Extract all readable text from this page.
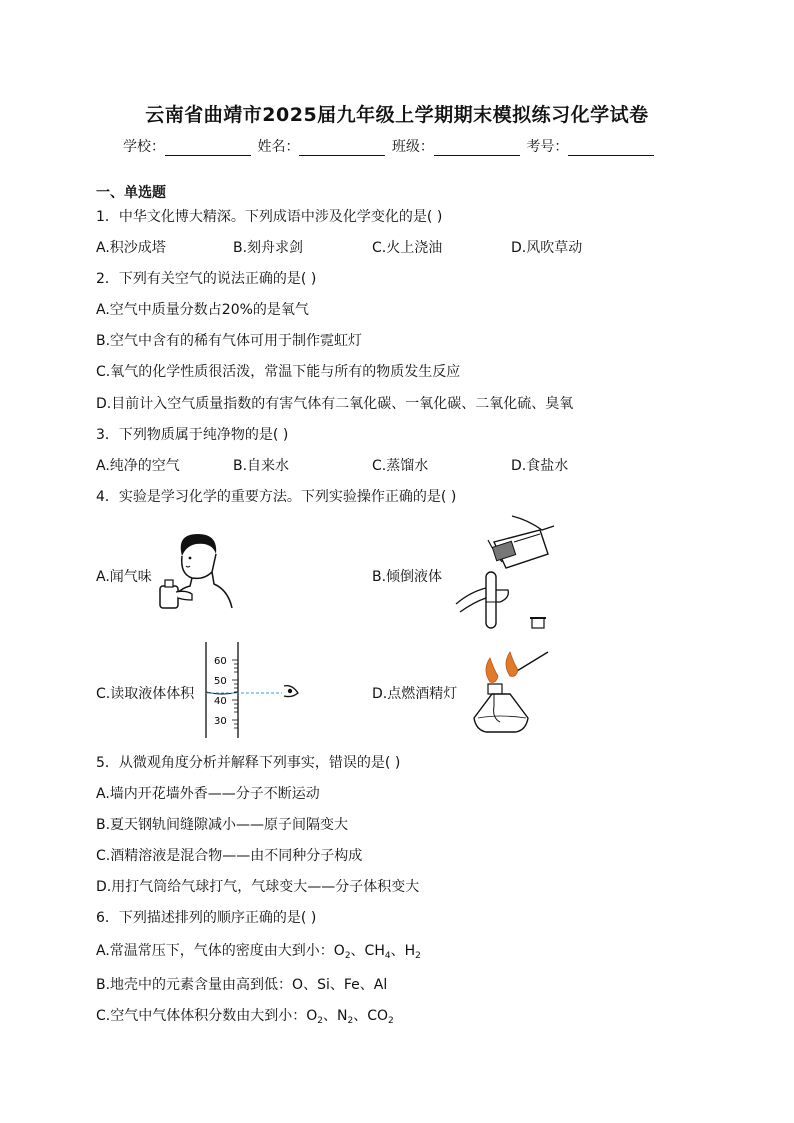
云南省曲靖市2025届九年级上学期期末模拟练习化学试卷
学校：	姓名：	班级：	考号：
一、单选题
1．中华文化博大精深。下列成语中涉及化学变化的是( )
A.积沙成塔	B.刻舟求剑	C.火上浇油	D.风吹草动
2．下列有关空气的说法正确的是( )
A.空气中质量分数占20%的是氧气
B.空气中含有的稀有气体可用于制作霓虹灯
C.氧气的化学性质很活泼，常温下能与所有的物质发生反应
D.目前计入空气质量指数的有害气体有二氧化碳、一氧化碳、二氧化硫、臭氧
3．下列物质属于纯净物的是( )
A.纯净的空气	B.自来水	C.蒸馏水	D.食盐水
4．实验是学习化学的重要方法。下列实验操作正确的是( )
A.闻气味	B.倾倒液体
C.读取液体体积
60
50
40
30
D.点燃酒精灯
5．从微观角度分析并解释下列事实，错误的是( )
A.墙内开花墙外香——分子不断运动
B.夏天钢轨间缝隙减小——原子间隔变大
C.酒精溶液是混合物——由不同种分子构成
D.用打气筒给气球打气，气球变大——分子体积变大
6．下列描述排列的顺序正确的是( )
A.常温常压下，气体的密度由大到小：$O_2$、$CH_4$、$H_2$
B.地壳中的元素含量由高到低：O、Si、Fe、Al
C.空气中气体体积分数由大到小：$O_2$、$N_2$、$CO_2$
